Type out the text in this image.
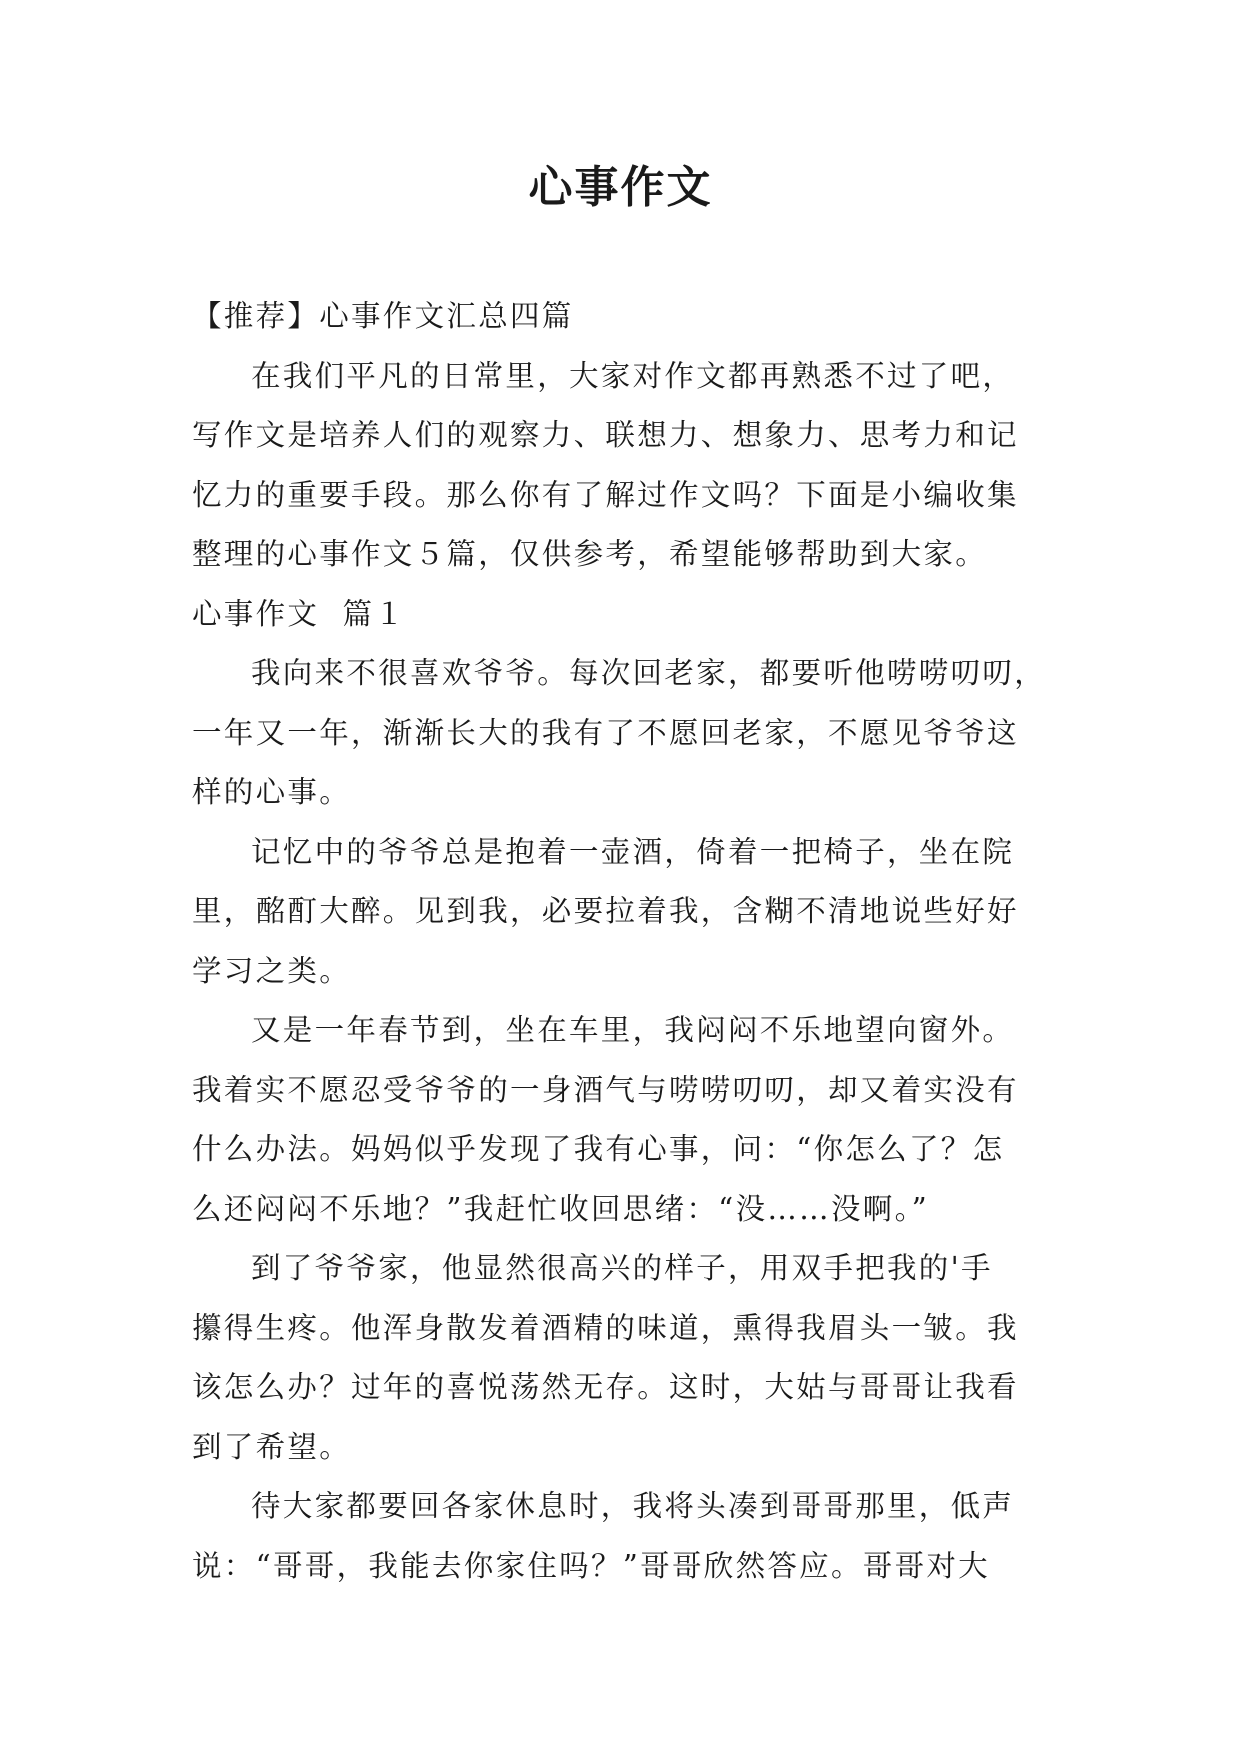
心事作文

【推荐】心事作文汇总四篇

在我们平凡的日常里，大家对作文都再熟悉不过了吧，
写作文是培养人们的观察力、联想力、想象力、思考力和记
忆力的重要手段。那么你有了解过作文吗？下面是小编收集
整理的心事作文５篇，仅供参考，希望能够帮助到大家。

心事作文  篇１

我向来不很喜欢爷爷。每次回老家，都要听他唠唠叨叨，
一年又一年，渐渐长大的我有了不愿回老家，不愿见爷爷这
样的心事。

记忆中的爷爷总是抱着一壶酒，倚着一把椅子，坐在院
里，酩酊大醉。见到我，必要拉着我，含糊不清地说些好好
学习之类。

又是一年春节到，坐在车里，我闷闷不乐地望向窗外。
我着实不愿忍受爷爷的一身酒气与唠唠叨叨，却又着实没有
什么办法。妈妈似乎发现了我有心事，问：“你怎么了？怎
么还闷闷不乐地？”我赶忙收回思绪：“没……没啊。”

到了爷爷家，他显然很高兴的样子，用双手把我的'手
攥得生疼。他浑身散发着酒精的味道，熏得我眉头一皱。我
该怎么办？过年的喜悦荡然无存。这时，大姑与哥哥让我看
到了希望。

待大家都要回各家休息时，我将头凑到哥哥那里，低声
说：“哥哥，我能去你家住吗？”哥哥欣然答应。哥哥对大
